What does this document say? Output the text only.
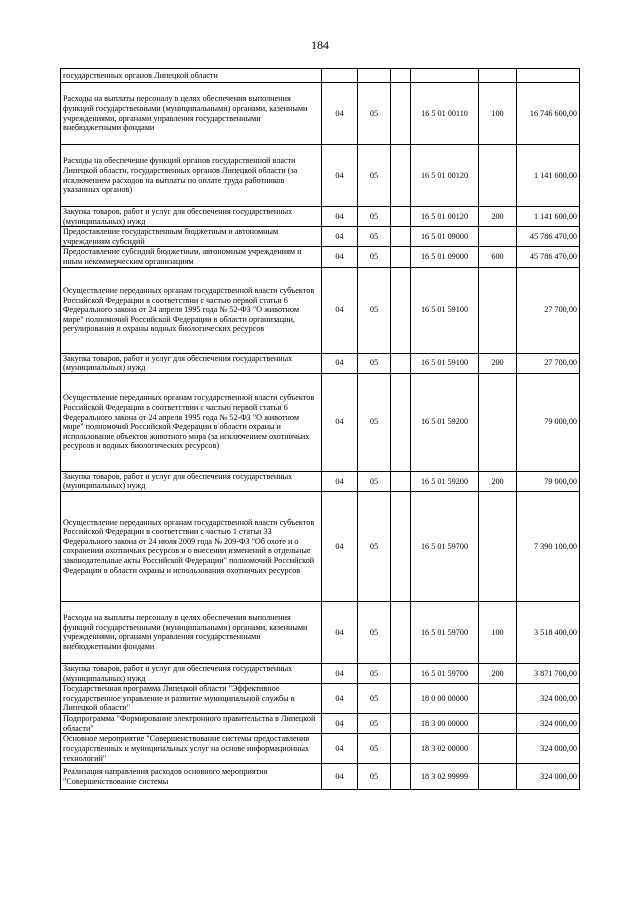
184
государственных органов Липецкой области						
Расходы на выплаты персоналу в целях обеспечения выполнения функций государственными (муниципальными) органами, казенными учреждениями, органами управления государственными внебюджетными фондами	04	05		16 5 01 00110	100	16 746 600,00
Расходы на обеспечение функций органов государственной власти Липецкой области, государственных органов Липецкой области (за исключением расходов на выплаты по оплате труда работников указанных органов)	04	05		16 5 01 00120		1 141 600,00
Закупка товаров, работ и услуг для обеспечения государственных (муниципальных) нужд	04	05		16 5 01 00120	200	1 141 600,00
Предоставление государственным бюджетным и автономным учреждениям субсидий	04	05		16 5 01 09000		45 786 470,00
Предоставление субсидий бюджетным, автономным учреждениям и иным некоммерческим организациям	04	05		16 5 01 09000	600	45 786 470,00
Осуществление переданных органам государственной власти субъектов Российской Федерации в соответствии с частью первой статьи 6 Федерального закона от 24 апреля 1995 года № 52-ФЗ "О животном мире" полномочий Российской Федерации в области организации, регулирования и охраны водных биологических ресурсов	04	05		16 5 01 59100		27 700,00
Закупка товаров, работ и услуг для обеспечения государственных (муниципальных) нужд	04	05		16 5 01 59100	200	27 700,00
Осуществление переданных органам государственной власти субъектов Российской Федерации в соответствии с частью первой статьи 6 Федерального закона от 24 апреля 1995 года № 52-ФЗ "О животном мире" полномочий Российской Федерации в области охраны и использование объектов животного мира (за исключением охотничьих ресурсов и водных биологических ресурсов)	04	05		16 5 01 59200		79 000,00
Закупка товаров, работ и услуг для обеспечения государственных (муниципальных) нужд	04	05		16 5 01 59200	200	79 000,00
Осуществление переданных органам государственной власти субъектов Российской Федерации в соответствии с частью 1 статьи 33 Федерального закона от 24 июля 2009 года № 209-ФЗ "Об охоте и о сохранении охотничьих ресурсов и о внесении изменений в отдельные законодательные акты Российской Федерации" полномочий Российской Федерации в области охраны и использования охотничьих ресурсов	04	05		16 5 01 59700		7 390 100,00
Расходы на выплаты персоналу в целях обеспечения выполнения функций государственными (муниципальными) органами, казенными учреждениями, органами управления государственными внебюджетными фондами	04	05		16 5 01 59700	100	3 518 400,00
Закупка товаров, работ и услуг для обеспечения государственных (муниципальных) нужд	04	05		16 5 01 59700	200	3 871 700,00
Государственная программа Липецкой области "Эффективное государственное управление и развитие муниципальной службы в Липецкой области"	04	05		18 0 00 00000		324 000,00
Подпрограмма "Формирование электронного правительства в Липецкой области"	04	05		18 3 00 00000		324 000,00
Основное мероприятие "Совершенствование системы предоставления государственных и муниципальных услуг на основе информационных технологий"	04	05		18 3 02 00000		324 000,00
Реализация направления расходов основного мероприятия "Совершенствование системы	04	05		18 3 02 99999		324 000,00
